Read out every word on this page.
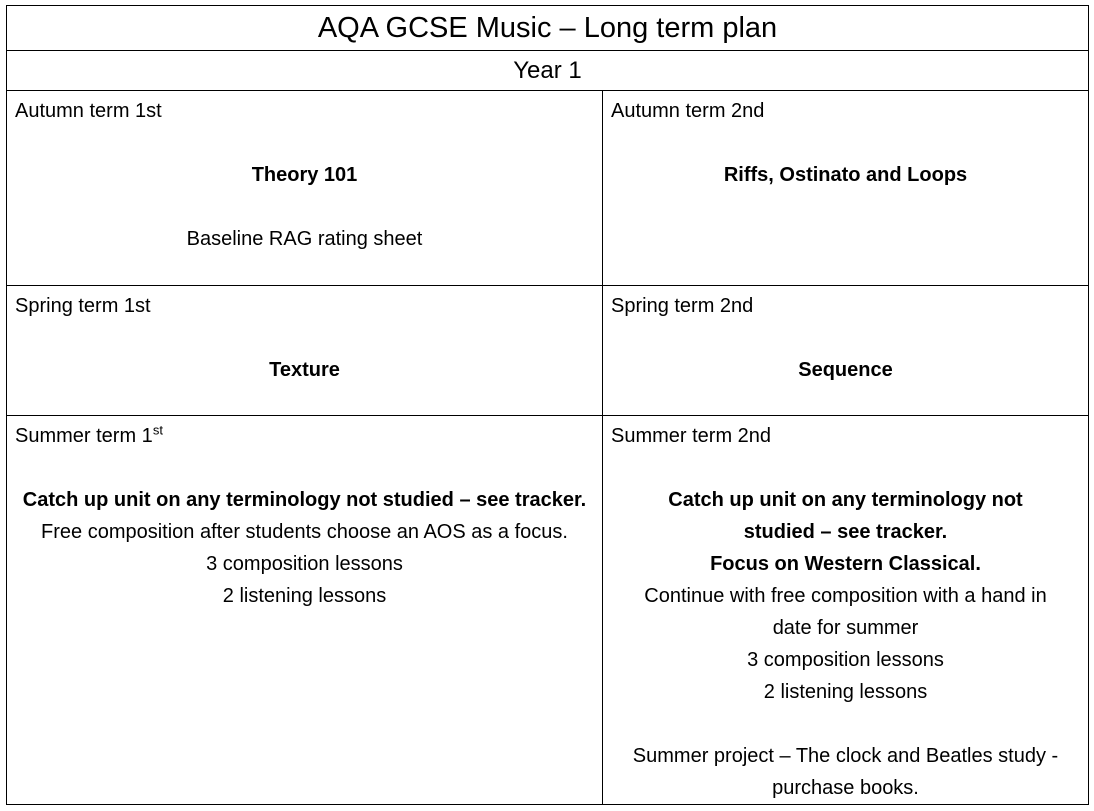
AQA GCSE Music – Long term plan
Year 1
Autumn term 1st
Theory 101
Baseline RAG rating sheet
Autumn term 2nd
Riffs, Ostinato and Loops
Spring term 1st
Texture
Spring term 2nd
Sequence
Summer term 1st
Catch up unit on any terminology not studied – see tracker.
Free composition after students choose an AOS as a focus.
3 composition lessons
2 listening lessons
Summer term 2nd
Catch up unit on any terminology not studied – see tracker.
Focus on Western Classical.
Continue with free composition with a hand in date for summer
3 composition lessons
2 listening lessons
Summer project – The clock and Beatles study - purchase books.
